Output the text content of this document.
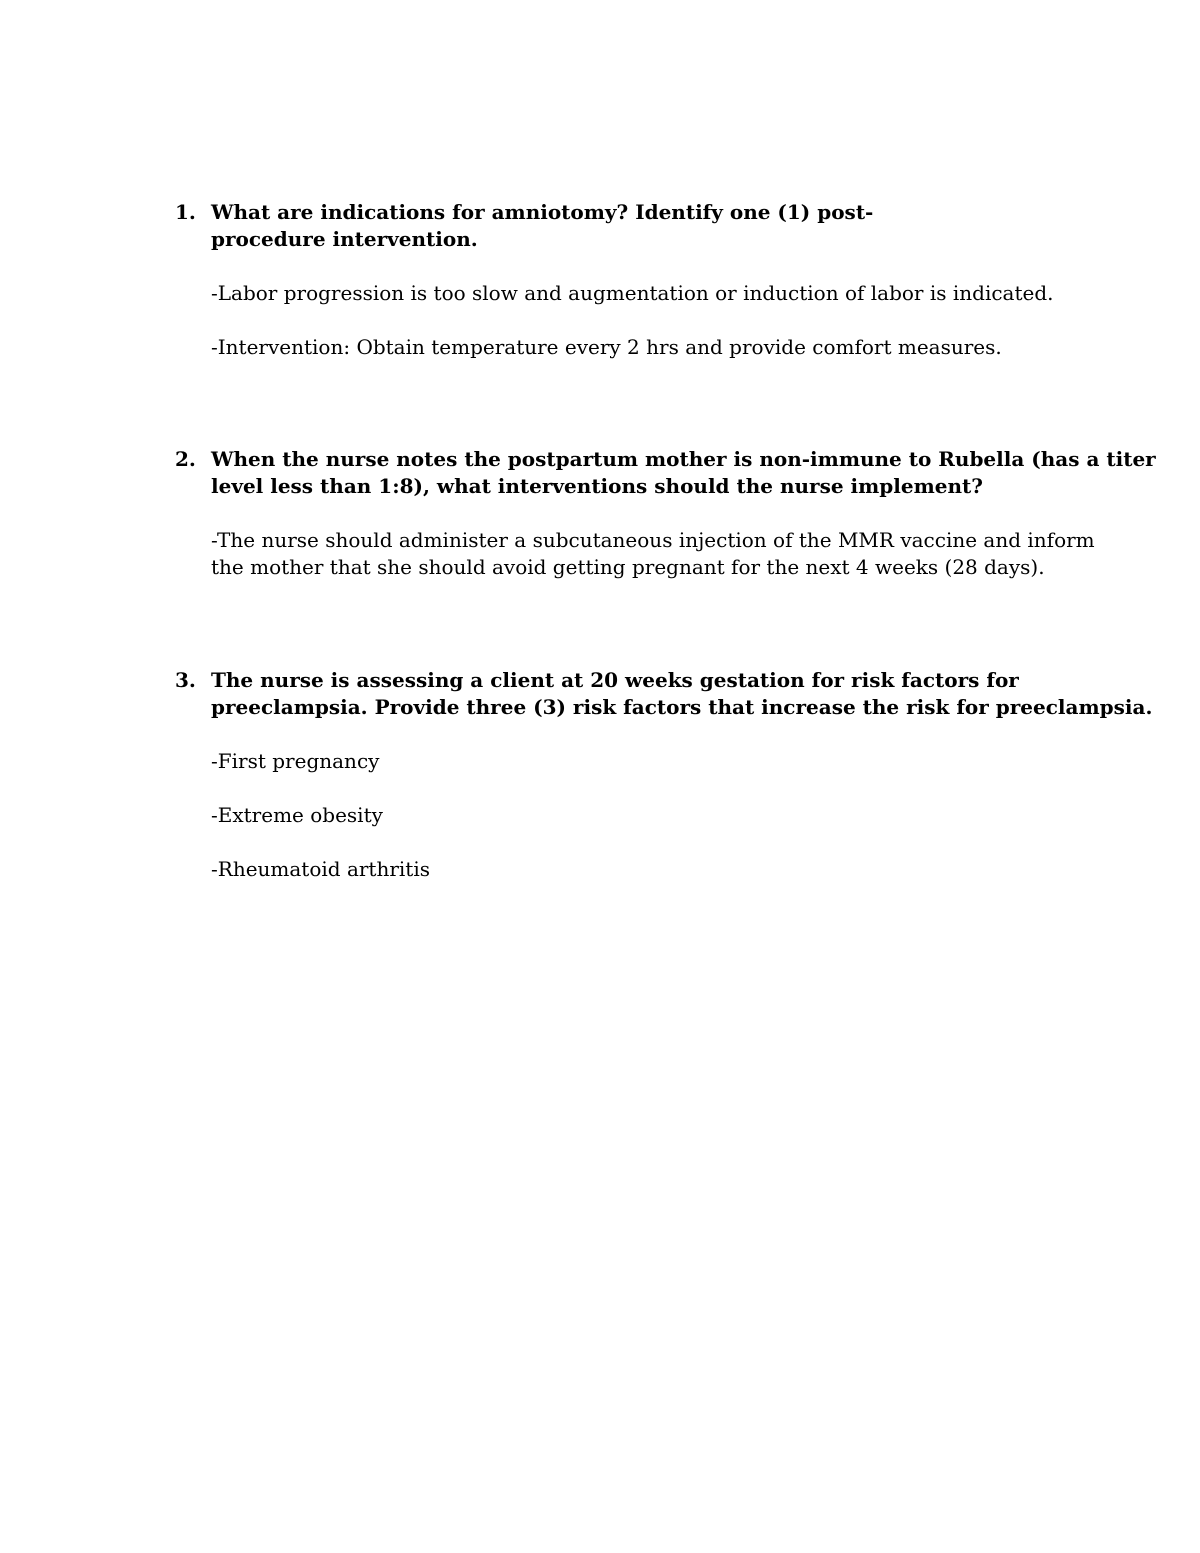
1. What are indications for amniotomy? Identify one (1) post-
procedure intervention.
-Labor progression is too slow and augmentation or induction of labor is indicated.
-Intervention: Obtain temperature every 2 hrs and provide comfort measures.
2. When the nurse notes the postpartum mother is non-immune to Rubella (has a titer
level less than 1:8), what interventions should the nurse implement?
-The nurse should administer a subcutaneous injection of the MMR vaccine and inform
the mother that she should avoid getting pregnant for the next 4 weeks (28 days).
3. The nurse is assessing a client at 20 weeks gestation for risk factors for
preeclampsia. Provide three (3) risk factors that increase the risk for preeclampsia.
-First pregnancy
-Extreme obesity
-Rheumatoid arthritis
